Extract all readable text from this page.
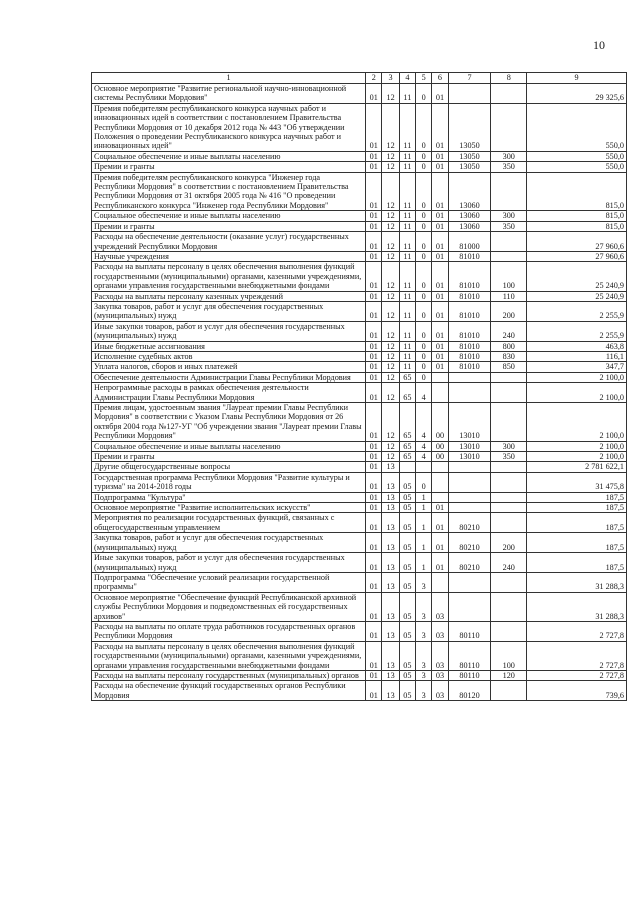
10
1	2	3	4	5	6	7	8	9
Основное мероприятие "Развитие региональной научно-инновационной системы Республики Мордовия"	01	12	11	0	01			29 325,6
Премия победителям республиканского конкурса научных работ и инновационных идей в соответствии с постановлением Правительства Республики Мордовия от 10 декабря 2012 года № 443 "Об утверждении Положения о проведении Республиканского конкурса научных работ и инновационных идей"	01	12	11	0	01	13050		550,0
Социальное обеспечение и иные выплаты населению	01	12	11	0	01	13050	300	550,0
Премии и гранты	01	12	11	0	01	13050	350	550,0
Премия победителям республиканского конкурса "Инженер года Республики Мордовия" в соответствии с постановлением Правительства Республики Мордовия от 31 октября 2005 года № 416 "О проведении Республиканского конкурса "Инженер года Республики Мордовия"	01	12	11	0	01	13060		815,0
Социальное обеспечение и иные выплаты населению	01	12	11	0	01	13060	300	815,0
Премии и гранты	01	12	11	0	01	13060	350	815,0
Расходы на обеспечение деятельности (оказание услуг) государственных учреждений Республики Мордовия	01	12	11	0	01	81000		27 960,6
Научные учреждения	01	12	11	0	01	81010		27 960,6
Расходы на выплаты персоналу в целях обеспечения выполнения функций государственными (муниципальными) органами, казенными учреждениями, органами управления государственными внебюджетными фондами	01	12	11	0	01	81010	100	25 240,9
Расходы на выплаты персоналу казенных учреждений	01	12	11	0	01	81010	110	25 240,9
Закупка товаров, работ и услуг для обеспечения государственных (муниципальных) нужд	01	12	11	0	01	81010	200	2 255,9
Иные закупки товаров, работ и услуг для обеспечения государственных (муниципальных) нужд	01	12	11	0	01	81010	240	2 255,9
Иные бюджетные ассигнования	01	12	11	0	01	81010	800	463,8
Исполнение судебных актов	01	12	11	0	01	81010	830	116,1
Уплата налогов, сборов и иных платежей	01	12	11	0	01	81010	850	347,7
Обеспечение деятельности Администрации Главы Республики Мордовия	01	12	65	0				2 100,0
Непрограммные расходы в рамках обеспечения деятельности Администрации Главы Республики Мордовия	01	12	65	4				2 100,0
Премия лицам, удостоенным звания "Лауреат премии Главы Республики Мордовия" в соответствии с Указом Главы Республики Мордовия от 26 октября 2004 года №127-УГ "Об учреждении звания "Лауреат премии Главы Республики Мордовия"	01	12	65	4	00	13010		2 100,0
Социальное обеспечение и иные выплаты населению	01	12	65	4	00	13010	300	2 100,0
Премии и гранты	01	12	65	4	00	13010	350	2 100,0
Другие общегосударственные вопросы	01	13						2 781 622,1
Государственная программа Республики Мордовия "Развитие культуры и туризма" на 2014-2018 годы	01	13	05	0				31 475,8
Подпрограмма "Культура"	01	13	05	1				187,5
Основное мероприятие "Развитие исполнительских искусств"	01	13	05	1	01			187,5
Мероприятия по реализации государственных функций, связанных с общегосударственным управлением	01	13	05	1	01	80210		187,5
Закупка товаров, работ и услуг для обеспечения государственных (муниципальных) нужд	01	13	05	1	01	80210	200	187,5
Иные закупки товаров, работ и услуг для обеспечения государственных (муниципальных) нужд	01	13	05	1	01	80210	240	187,5
Подпрограмма "Обеспечение условий реализации государственной программы"	01	13	05	3				31 288,3
Основное мероприятие "Обеспечение функций Республиканской архивной службы Республики Мордовия и подведомственных ей государственных архивов"	01	13	05	3	03			31 288,3
Расходы на выплаты по оплате труда работников государственных органов Республики Мордовия	01	13	05	3	03	80110		2 727,8
Расходы на выплаты персоналу в целях обеспечения выполнения функций государственными (муниципальными) органами, казенными учреждениями, органами управления государственными внебюджетными фондами	01	13	05	3	03	80110	100	2 727,8
Расходы на выплаты персоналу государственных (муниципальных) органов	01	13	05	3	03	80110	120	2 727,8
Расходы на обеспечение функций государственных органов Республики Мордовия	01	13	05	3	03	80120		739,6
